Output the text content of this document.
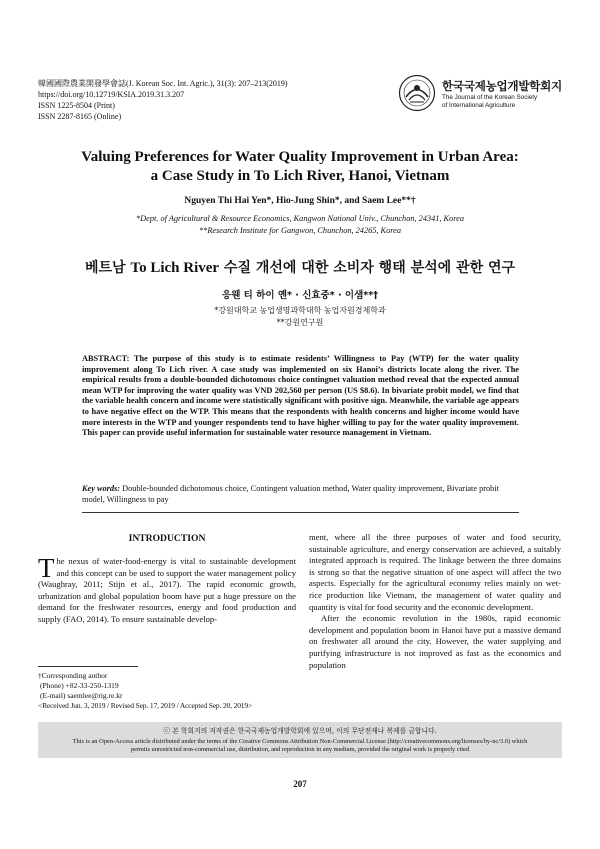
韓國國際農業開發學會誌(J. Korean Soc. Int. Agric.), 31(3): 207–213(2019)
https://doi.org/10.12719/KSIA.2019.31.3.207
ISSN 1225-8504 (Print)
ISSN 2287-8165 (Online)
한국국제농업개발학회지
The Journal of the Korean Society
of International Agriculture
Valuing Preferences for Water Quality Improvement in Urban Area:
a Case Study in To Lich River, Hanoi, Vietnam
Nguyen Thi Hai Yen*, Hio-Jung Shin*, and Saem Lee**†
*Dept. of Agricultural & Resource Economics, Kangwon National Univ., Chunchon, 24341, Korea
**Research Institute for Gangwon, Chunchon, 24265, Korea
베트남 To Lich River 수질 개선에 대한 소비자 행태 분석에 관한 연구
응웬 티 하이 옌* · 신효중* · 이샘**†
*강원대학교 농업생명과학대학 농업자원경제학과
**강원연구원

ABSTRACT: The purpose of this study is to estimate residents’ Willingness to Pay (WTP) for the water quality improvement along To Lich river. A case study was implemented on six Hanoi’s districts locate along the river. The empirical results from a double-bounded dichotomous choice contingnet valuation method reveal that the expected annual mean WTP for improving the water quality was VND 202,560 per person (US $8.6). In bivariate probit model, we find that the variable health concern and income were statistically significant with positive sign. Meanwhile, the variable age appears to have negative effect on the WTP. This means that the respondents with health concerns and higher income would have more interests in the WTP and younger respondents tend to have higher willing to pay for the water quality improvement. This paper can provide useful information for sustainable water resource management in Vietnam.

Key words: Double-bounded dichotomous choice, Contingent valuation method, Water quality improvement, Bivariate probit model, Willingness to pay

INTRODUCTION

The nexus of water-food-energy is vital to sustainable development and this concept can be used to support the water management policy (Waughray, 2011; Stijn et al., 2017). The rapid economic growth, urbanization and global population boom have put a huge pressure on the demand for the freshwater resources, energy and food production and supply (FAO, 2014). To ensure sustainable develop-

ment, where all the three purposes of water and food security, sustainable agriculture, and energy conservation are achieved, a suitably integrated approach is required. The linkage between the three domains is strong so that the negative situation of one aspect will affect the two aspects. Especially for the agricultural economy relies mainly on wet-rice production like Vietnam, the management of water quality and quantity is vital for food security and the economic development.

After the economic revolution in the 1980s, rapid economic development and population boom in Hanoi have put a massive demand on freshwater all around the city. However, the water supplying and purifying infrastructure is not improved as fast as the economics and population

†Corresponding author
(Phone) +82-33-250-1319
(E-mail) saemlee@rig.re.kr
<Received Jun. 3, 2019 / Revised Sep. 17, 2019 / Accepted Sep. 20, 2019>
ⓒ 본 학회지의 저작권은 한국국제농업개발학회에 있으며, 이의 무단전재나 복제를 금합니다.
This is an Open-Access article distributed under the terms of the Creative Commons Attribution Non-Commercial License (http://creativecommons.org/licenses/by-nc/3.0) which
permits unrestricted non-commercial use, distribution, and reproduction in any medium, provided the original work is properly cited
207
